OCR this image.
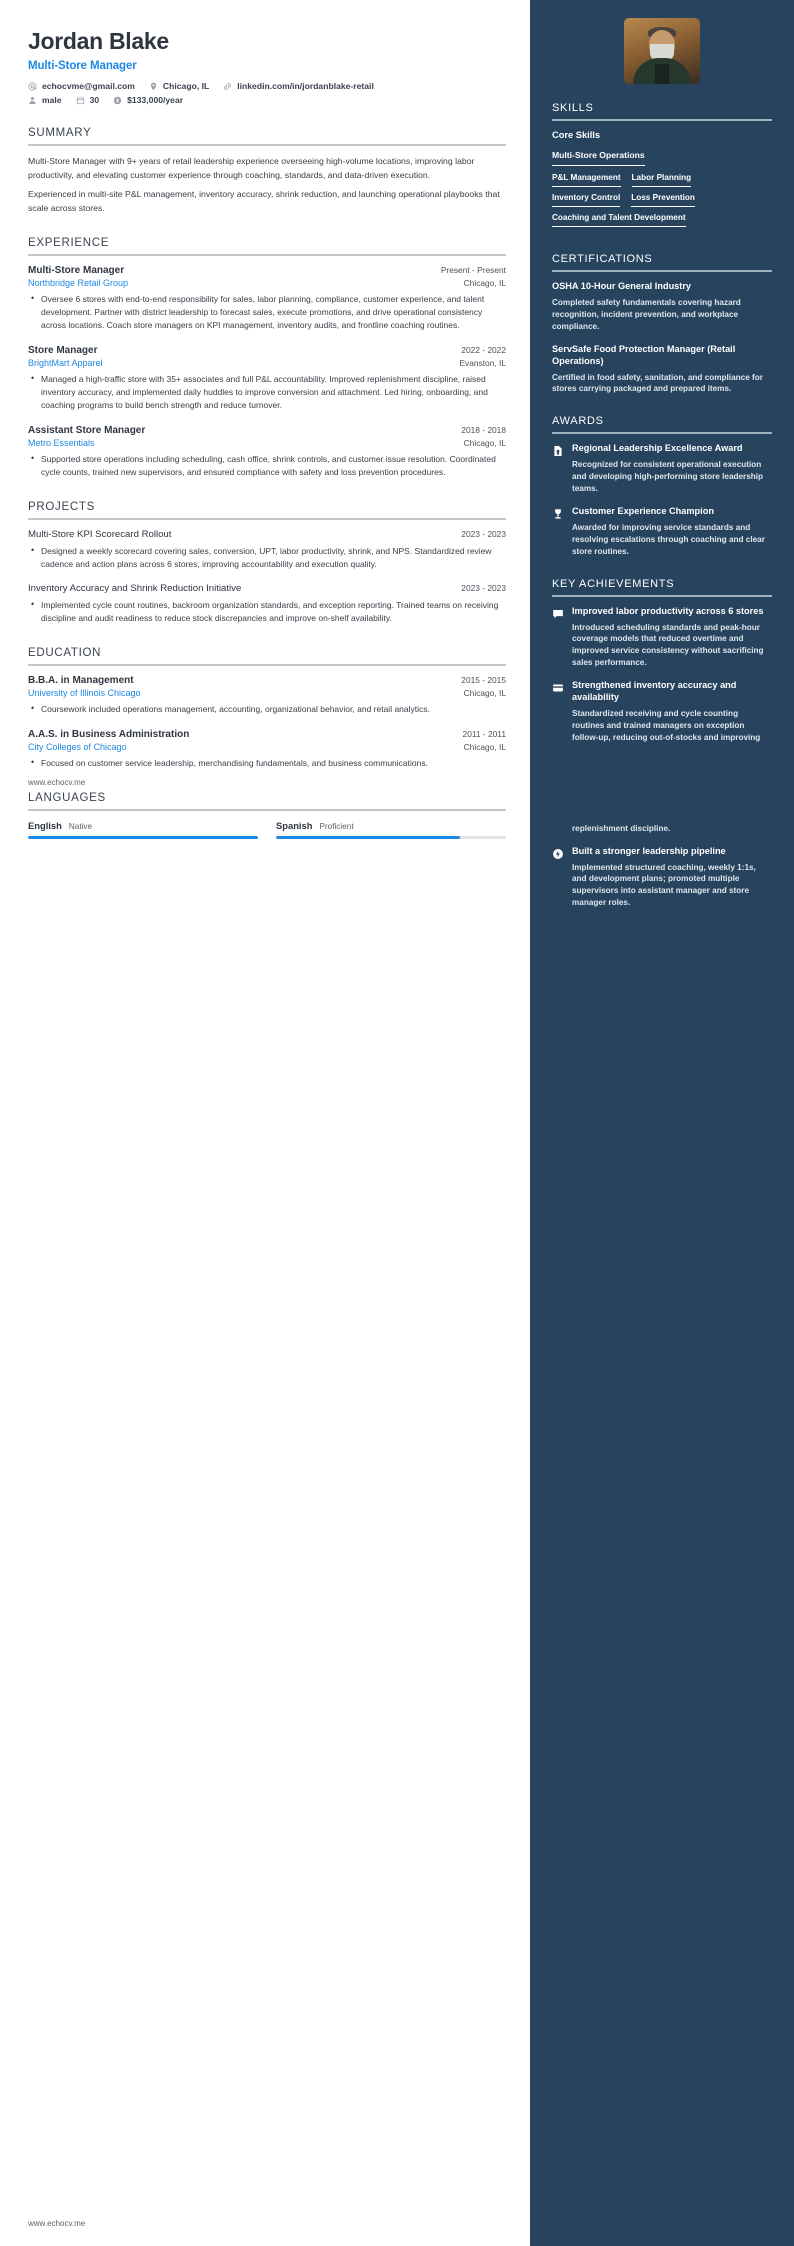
Jordan Blake
Multi-Store Manager
echocvme@gmail.com	Chicago, IL	linkedin.com/in/jordanblake-retail
male	30	$133,000/year
SUMMARY

Multi-Store Manager with 9+ years of retail leadership experience overseeing high-volume locations, improving labor productivity, and elevating customer experience through coaching, standards, and data-driven execution.

Experienced in multi-site P&L management, inventory accuracy, shrink reduction, and launching operational playbooks that scale across stores.

EXPERIENCE
Multi-Store Manager	Present - Present
Northbridge Retail Group	Chicago, IL
• Oversee 6 stores with end-to-end responsibility for sales, labor planning, compliance, customer experience, and talent development. Partner with district leadership to forecast sales, execute promotions, and drive operational consistency across locations. Coach store managers on KPI management, inventory audits, and frontline coaching routines.
Store Manager	2022 - 2022
BrightMart Apparel	Evanston, IL
• Managed a high-traffic store with 35+ associates and full P&L accountability. Improved replenishment discipline, raised inventory accuracy, and implemented daily huddles to improve conversion and attachment. Led hiring, onboarding, and coaching programs to build bench strength and reduce turnover.
Assistant Store Manager	2018 - 2018
Metro Essentials	Chicago, IL
• Supported store operations including scheduling, cash office, shrink controls, and customer issue resolution. Coordinated cycle counts, trained new supervisors, and ensured compliance with safety and loss prevention procedures.
PROJECTS
Multi-Store KPI Scorecard Rollout	2023 - 2023
• Designed a weekly scorecard covering sales, conversion, UPT, labor productivity, shrink, and NPS. Standardized review cadence and action plans across 6 stores, improving accountability and execution quality.
Inventory Accuracy and Shrink Reduction Initiative	2023 - 2023
• Implemented cycle count routines, backroom organization standards, and exception reporting. Trained teams on receiving discipline and audit readiness to reduce stock discrepancies and improve on-shelf availability.
EDUCATION
B.B.A. in Management	2015 - 2015
University of Illinois Chicago	Chicago, IL
• Coursework included operations management, accounting, organizational behavior, and retail analytics.
A.A.S. in Business Administration	2011 - 2011
City Colleges of Chicago	Chicago, IL
• Focused on customer service leadership, merchandising fundamentals, and business communications.
LANGUAGES
English Native	Spanish Proficient
www.echocv.me
www.echocv.me
SKILLS
Core Skills
Multi-Store Operations
P&L Management Labor Planning
Inventory Control Loss Prevention
Coaching and Talent Development
CERTIFICATIONS
OSHA 10-Hour General Industry
Completed safety fundamentals covering hazard recognition, incident prevention, and workplace compliance.
ServSafe Food Protection Manager (Retail Operations)
Certified in food safety, sanitation, and compliance for stores carrying packaged and prepared items.
AWARDS
Regional Leadership Excellence Award
Recognized for consistent operational execution and developing high-performing store leadership teams.
Customer Experience Champion
Awarded for improving service standards and resolving escalations through coaching and clear store routines.
KEY ACHIEVEMENTS
Improved labor productivity across 6 stores
Introduced scheduling standards and peak-hour coverage models that reduced overtime and improved service consistency without sacrificing sales performance.
Strengthened inventory accuracy and availability
Standardized receiving and cycle counting routines and trained managers on exception follow-up, reducing out-of-stocks and improving
replenishment discipline.
Built a stronger leadership pipeline
Implemented structured coaching, weekly 1:1s, and development plans; promoted multiple supervisors into assistant manager and store manager roles.
